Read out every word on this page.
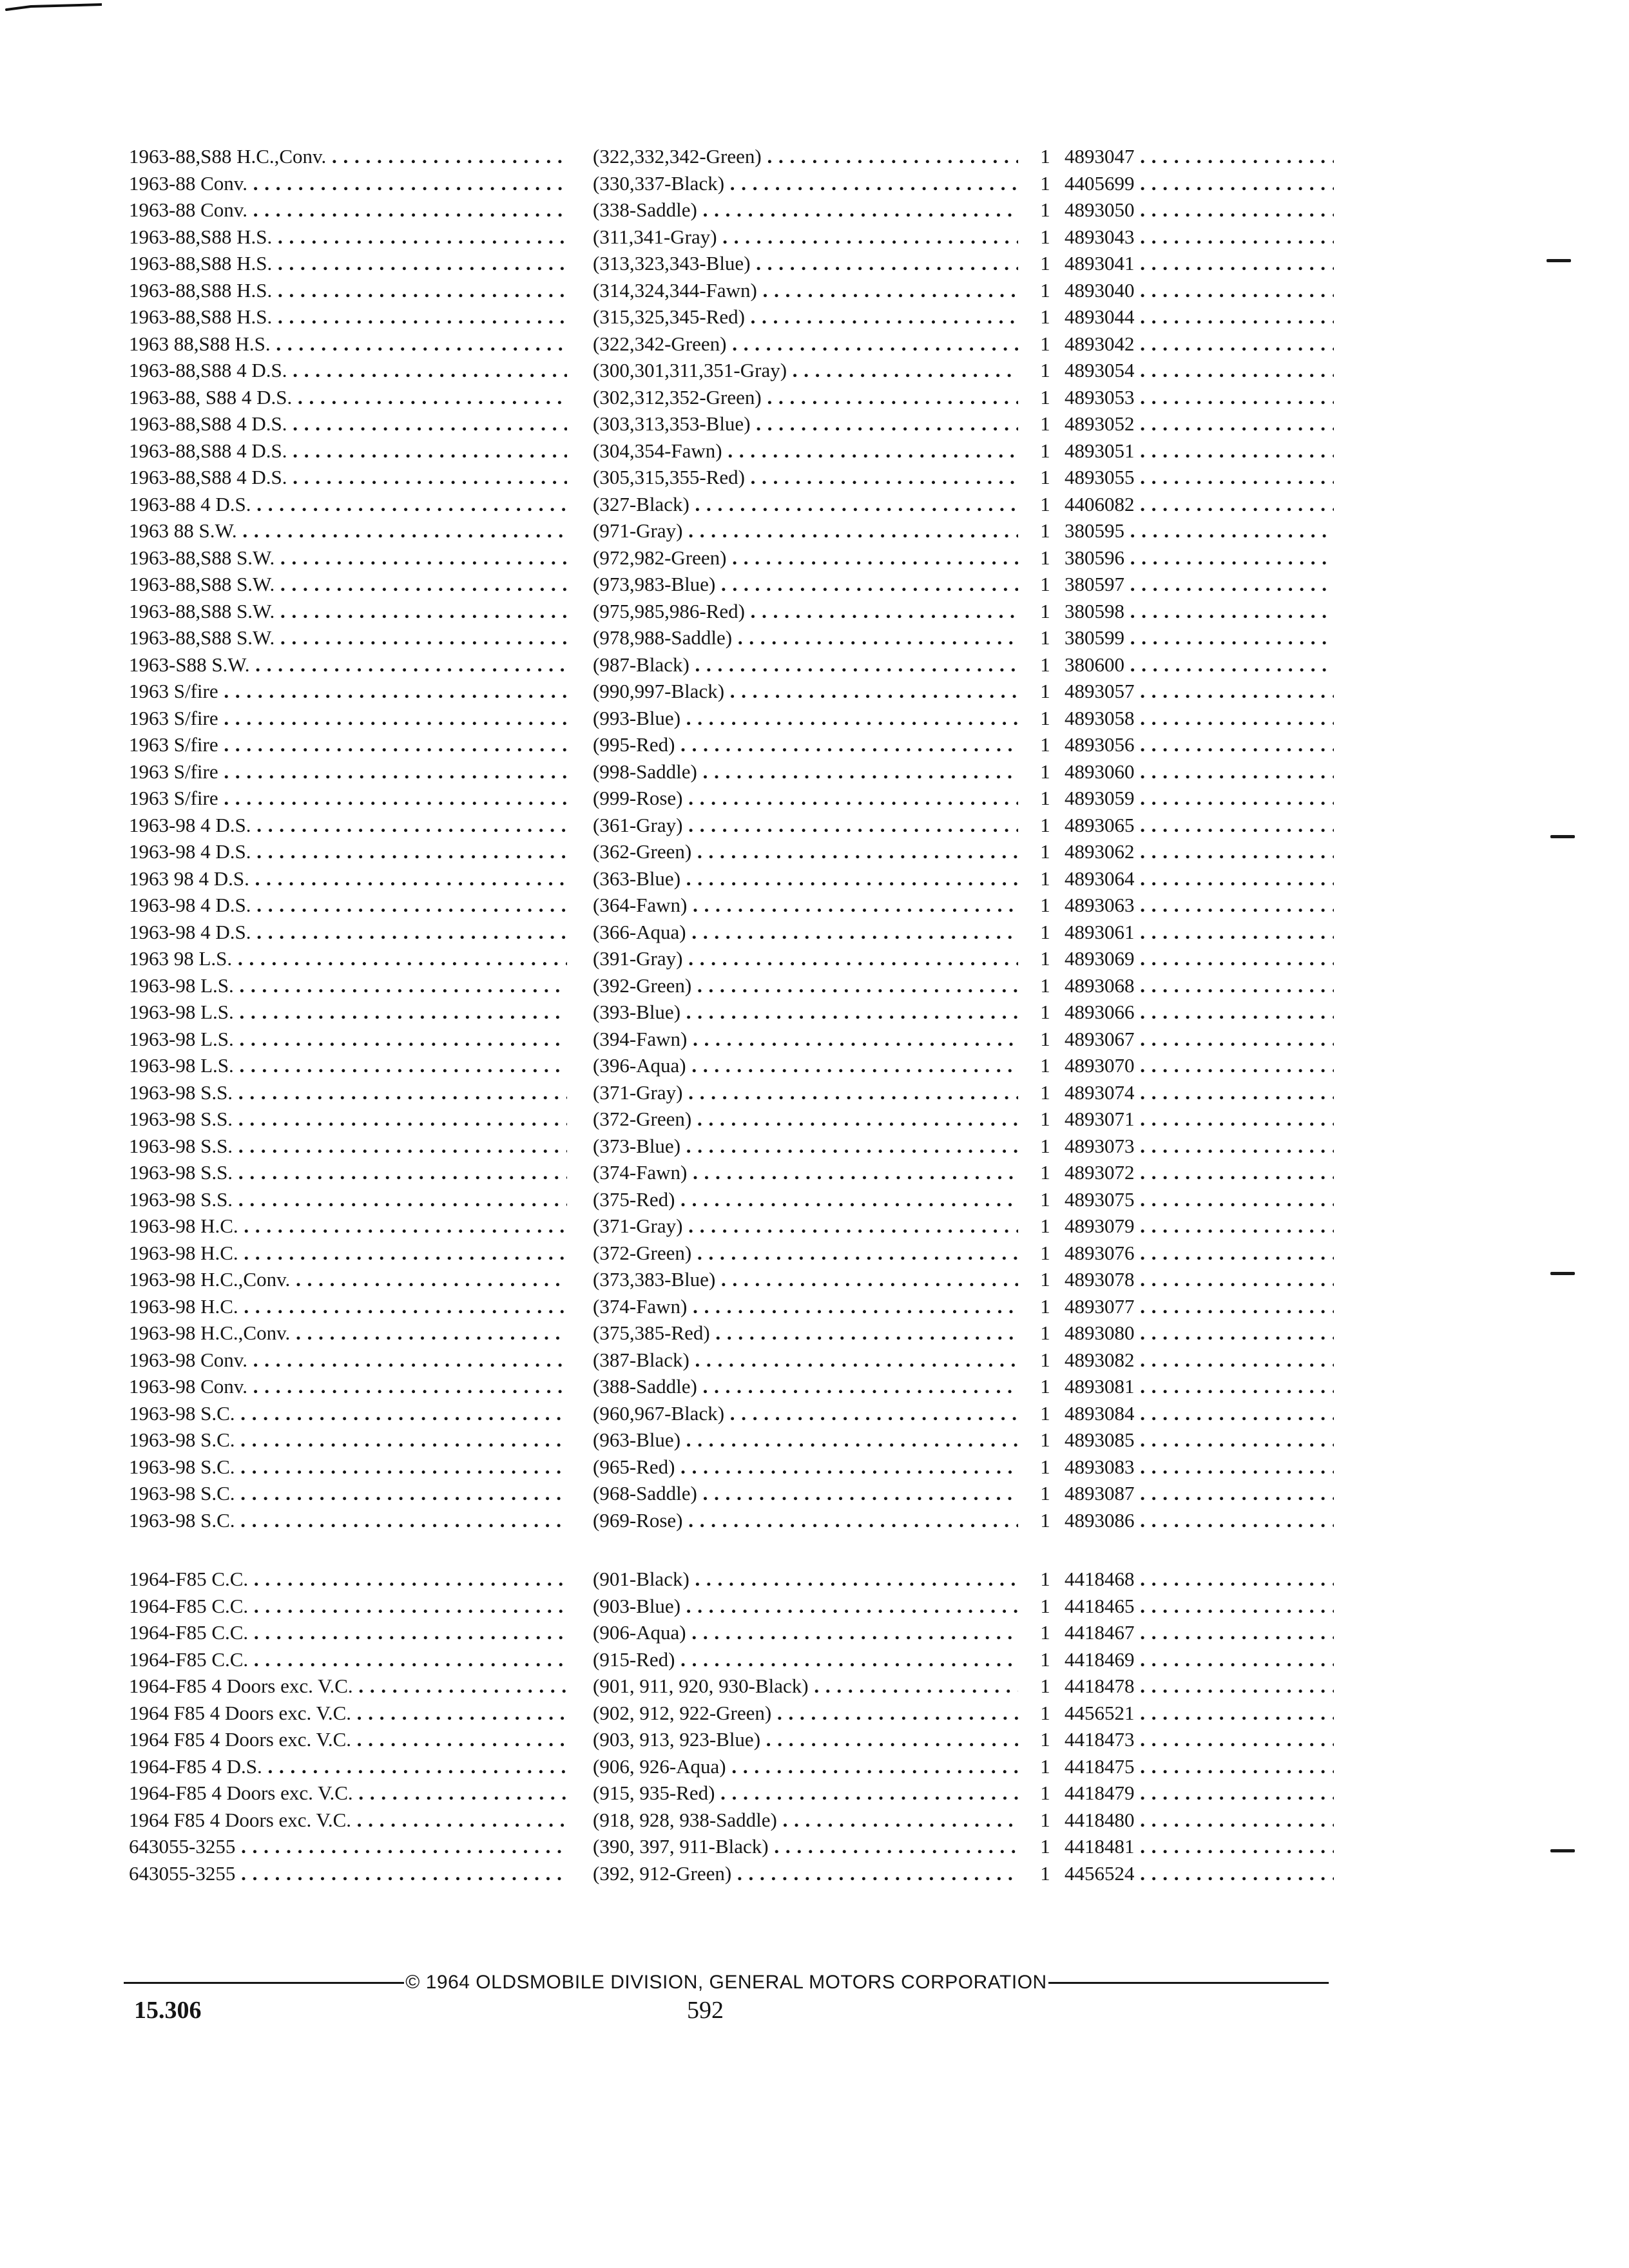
1963-88,S88 H.C.,Conv. . . .	(322,332,342-Green) . . .	1 4893047 . . .
1963-88 Conv. . . .	(330,337-Black) . . .	1 4405699 . . .
1963-88 Conv. . . .	(338-Saddle) . . .	1 4893050 . . .
1963-88,S88 H.S. . . .	(311,341-Gray) . . .	1 4893043 . . .
1963-88,S88 H.S. . . .	(313,323,343-Blue) . . .	1 4893041 . . .
1963-88,S88 H.S. . . .	(314,324,344-Fawn) . . .	1 4893040 . . .
1963-88,S88 H.S. . . .	(315,325,345-Red) . . .	1 4893044 . . .
1963 88,S88 H.S. . . .	(322,342-Green) . . .	1 4893042 . . .
1963-88,S88 4 D.S. . . .	(300,301,311,351-Gray) . . .	1 4893054 . . .
1963-88, S88 4 D.S. . . .	(302,312,352-Green) . . .	1 4893053 . . .
1963-88,S88 4 D.S. . . .	(303,313,353-Blue) . . .	1 4893052 . . .
1963-88,S88 4 D.S. . . .	(304,354-Fawn) . . .	1 4893051 . . .
1963-88,S88 4 D.S. . . .	(305,315,355-Red) . . .	1 4893055 . . .
1963-88 4 D.S. . . .	(327-Black) . . .	1 4406082 . . .
1963 88 S.W. . . .	(971-Gray) . . .	1 380595 . . .
1963-88,S88 S.W. . . .	(972,982-Green) . . .	1 380596 . . .
1963-88,S88 S.W. . . .	(973,983-Blue) . . .	1 380597 . . .
1963-88,S88 S.W. . . .	(975,985,986-Red) . . .	1 380598 . . .
1963-88,S88 S.W. . . .	(978,988-Saddle) . . .	1 380599 . . .
1963-S88 S.W. . . .	(987-Black) . . .	1 380600 . . .
1963 S/fire . . .	(990,997-Black) . . .	1 4893057 . . .
1963 S/fire . . .	(993-Blue) . . .	1 4893058 . . .
1963 S/fire . . .	(995-Red) . . .	1 4893056 . . .
1963 S/fire . . .	(998-Saddle) . . .	1 4893060 . . .
1963 S/fire . . .	(999-Rose) . . .	1 4893059 . . .
1963-98 4 D.S. . . .	(361-Gray) . . .	1 4893065 . . .
1963-98 4 D.S. . . .	(362-Green) . . .	1 4893062 . . .
1963 98 4 D.S. . . .	(363-Blue) . . .	1 4893064 . . .
1963-98 4 D.S. . . .	(364-Fawn) . . .	1 4893063 . . .
1963-98 4 D.S. . . .	(366-Aqua) . . .	1 4893061 . . .
1963 98 L.S. . . .	(391-Gray) . . .	1 4893069 . . .
1963-98 L.S. . . .	(392-Green) . . .	1 4893068 . . .
1963-98 L.S. . . .	(393-Blue) . . .	1 4893066 . . .
1963-98 L.S. . . .	(394-Fawn) . . .	1 4893067 . . .
1963-98 L.S. . . .	(396-Aqua) . . .	1 4893070 . . .
1963-98 S.S. . . .	(371-Gray) . . .	1 4893074 . . .
1963-98 S.S. . . .	(372-Green) . . .	1 4893071 . . .
1963-98 S.S. . . .	(373-Blue) . . .	1 4893073 . . .
1963-98 S.S. . . .	(374-Fawn) . . .	1 4893072 . . .
1963-98 S.S. . . .	(375-Red) . . .	1 4893075 . . .
1963-98 H.C. . . .	(371-Gray) . . .	1 4893079 . . .
1963-98 H.C. . . .	(372-Green) . . .	1 4893076 . . .
1963-98 H.C.,Conv. . . .	(373,383-Blue) . . .	1 4893078 . . .
1963-98 H.C. . . .	(374-Fawn) . . .	1 4893077 . . .
1963-98 H.C.,Conv. . . .	(375,385-Red) . . .	1 4893080 . . .
1963-98 Conv. . . .	(387-Black) . . .	1 4893082 . . .
1963-98 Conv. . . .	(388-Saddle) . . .	1 4893081 . . .
1963-98 S.C. . . .	(960,967-Black) . . .	1 4893084 . . .
1963-98 S.C. . . .	(963-Blue) . . .	1 4893085 . . .
1963-98 S.C. . . .	(965-Red) . . .	1 4893083 . . .
1963-98 S.C. . . .	(968-Saddle) . . .	1 4893087 . . .
1963-98 S.C. . . .	(969-Rose) . . .	1 4893086 . . .
1964-F85 C.C. . . .	(901-Black) . . .	1 4418468 . . .
1964-F85 C.C. . . .	(903-Blue) . . .	1 4418465 . . .
1964-F85 C.C. . . .	(906-Aqua) . . .	1 4418467 . . .
1964-F85 C.C. . . .	(915-Red) . . .	1 4418469 . . .
1964-F85 4 Doors exc. V.C. . . .	(901, 911, 920, 930-Black) . . .	1 4418478 . . .
1964 F85 4 Doors exc. V.C. . . .	(902, 912, 922-Green) . . .	1 4456521 . . .
1964 F85 4 Doors exc. V.C. . . .	(903, 913, 923-Blue) . . .	1 4418473 . . .
1964-F85 4 D.S. . . .	(906, 926-Aqua) . . .	1 4418475 . . .
1964-F85 4 Doors exc. V.C. . . .	(915, 935-Red) . . .	1 4418479 . . .
1964 F85 4 Doors exc. V.C. . . .	(918, 928, 938-Saddle) . . .	1 4418480 . . .
643055-3255 . . .	(390, 397, 911-Black) . . .	1 4418481 . . .
643055-3255 . . .	(392, 912-Green) . . .	1 4456524 . . .
© 1964 OLDSMOBILE DIVISION, GENERAL MOTORS CORPORATION
15.306	592
